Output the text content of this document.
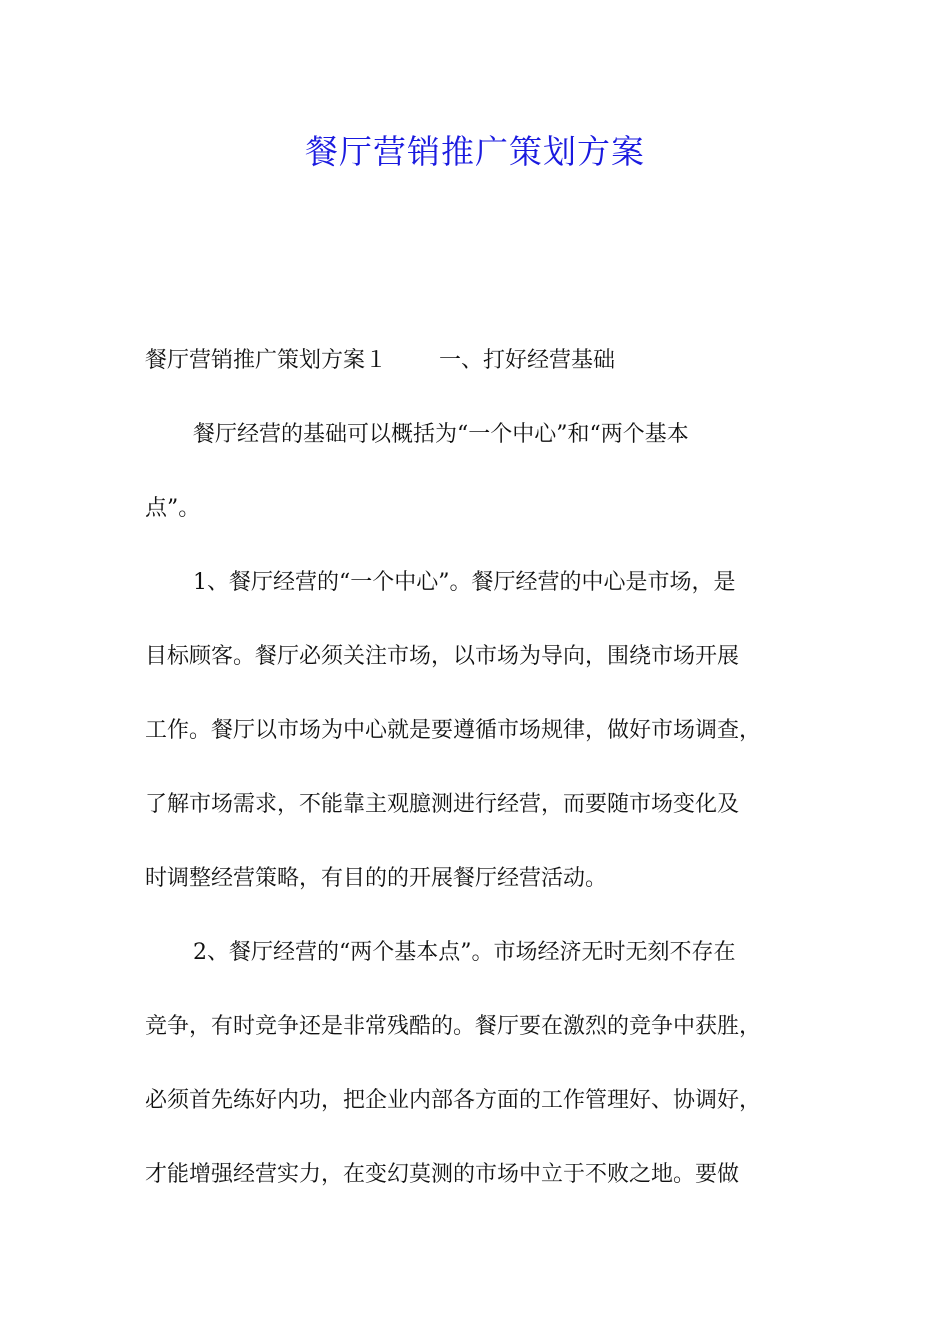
餐厅营销推广策划方案
餐厅营销推广策划方案１ 一、打好经营基础
餐厅经营的基础可以概括为“一个中心”和“两个基本
点”。
1、餐厅经营的“一个中心”。餐厅经营的中心是市场，是
目标顾客。餐厅必须关注市场，以市场为导向，围绕市场开展
工作。餐厅以市场为中心就是要遵循市场规律，做好市场调查，
了解市场需求，不能靠主观臆测进行经营，而要随市场变化及
时调整经营策略，有目的的开展餐厅经营活动。
2、餐厅经营的“两个基本点”。市场经济无时无刻不存在
竞争，有时竞争还是非常残酷的。餐厅要在激烈的竞争中获胜，
必须首先练好内功，把企业内部各方面的工作管理好、协调好，
才能增强经营实力，在变幻莫测的市场中立于不败之地。要做
